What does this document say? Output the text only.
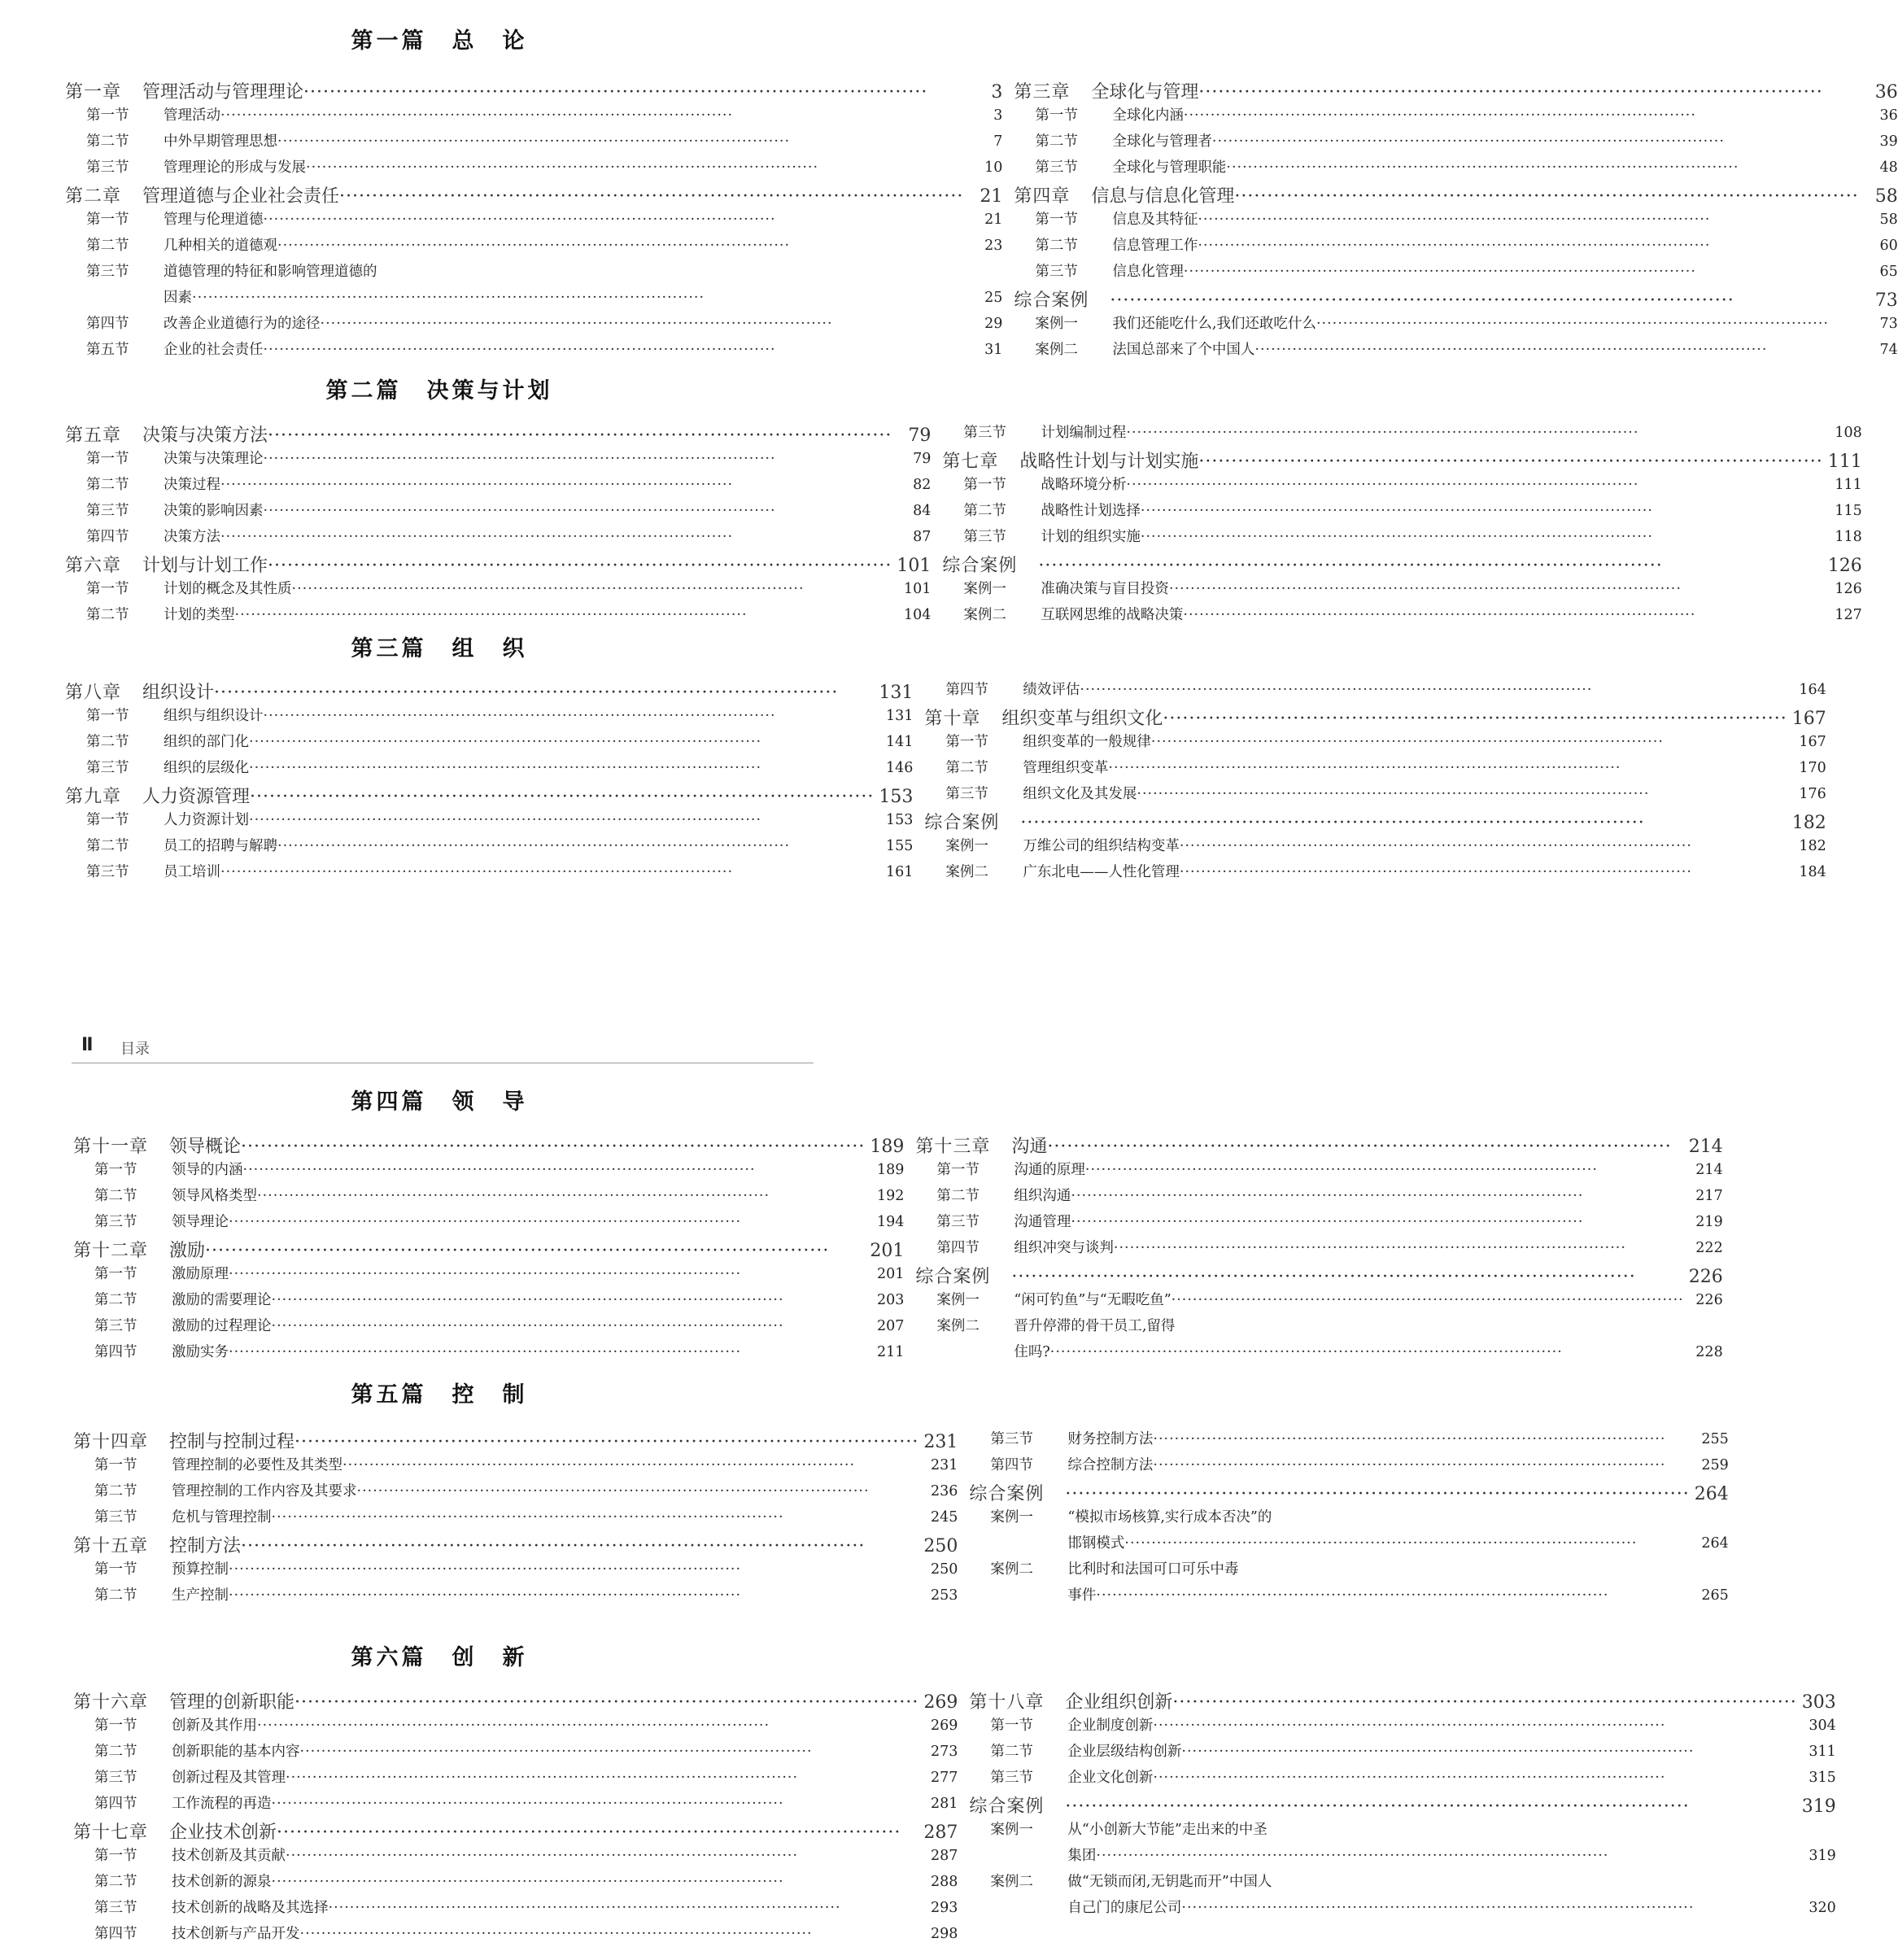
第一篇　总　论
第一章	管理活动与管理理论 ·····	3
第一节	管理活动 ·····	3
第二节	中外早期管理思想 ·····	7
第三节	管理理论的形成与发展 ·····	10
第二章	管理道德与企业社会责任 ·····	21
第一节	管理与伦理道德 ·····	21
第二节	几种相关的道德观 ·····	23
第三节	道德管理的特征和影响管理道德的
因素 ·····	25
第四节	改善企业道德行为的途径 ·····	29
第五节	企业的社会责任 ·····	31
第三章	全球化与管理 ·····	36
第一节	全球化内涵 ·····	36
第二节	全球化与管理者 ·····	39
第三节	全球化与管理职能 ·····	48
第四章	信息与信息化管理 ·····	58
第一节	信息及其特征 ·····	58
第二节	信息管理工作 ·····	60
第三节	信息化管理 ·····	65
综合案例 ·····	73
案例一	我们还能吃什么,我们还敢吃什么 ·····	73
案例二	法国总部来了个中国人 ·····	74
第二篇　决策与计划
第五章	决策与决策方法 ·····	79
第一节	决策与决策理论 ·····	79
第二节	决策过程 ·····	82
第三节	决策的影响因素 ·····	84
第四节	决策方法 ·····	87
第六章	计划与计划工作 ·····	101
第一节	计划的概念及其性质 ·····	101
第二节	计划的类型 ·····	104
第三节	计划编制过程 ·····	108
第七章	战略性计划与计划实施 ·····	111
第一节	战略环境分析 ·····	111
第二节	战略性计划选择 ·····	115
第三节	计划的组织实施 ·····	118
综合案例 ·····	126
案例一	准确决策与盲目投资 ·····	126
案例二	互联网思维的战略决策 ·····	127
第三篇　组　织
第八章	组织设计 ·····	131
第一节	组织与组织设计 ·····	131
第二节	组织的部门化 ·····	141
第三节	组织的层级化 ·····	146
第九章	人力资源管理 ·····	153
第一节	人力资源计划 ·····	153
第二节	员工的招聘与解聘 ·····	155
第三节	员工培训 ·····	161
第四节	绩效评估 ·····	164
第十章	组织变革与组织文化 ·····	167
第一节	组织变革的一般规律 ·····	167
第二节	管理组织变革 ·····	170
第三节	组织文化及其发展 ·····	176
综合案例 ·····	182
案例一	万维公司的组织结构变革 ·····	182
案例二	广东北电——人性化管理 ·····	184
Ⅱ 目录
第四篇　领　导
第十一章	领导概论 ·····	189
第一节	领导的内涵 ·····	189
第二节	领导风格类型 ·····	192
第三节	领导理论 ·····	194
第十二章	激励 ·····	201
第一节	激励原理 ·····	201
第二节	激励的需要理论 ·····	203
第三节	激励的过程理论 ·····	207
第四节	激励实务 ·····	211
第十三章	沟通 ·····	214
第一节	沟通的原理 ·····	214
第二节	组织沟通 ·····	217
第三节	沟通管理 ·····	219
第四节	组织冲突与谈判 ·····	222
综合案例 ·····	226
案例一	“闲可钓鱼”与“无暇吃鱼” ·····	226
案例二	晋升停滞的骨干员工,留得
住吗? ·····	228
第五篇　控　制
第十四章	控制与控制过程 ·····	231
第一节	管理控制的必要性及其类型 ·····	231
第二节	管理控制的工作内容及其要求 ·····	236
第三节	危机与管理控制 ·····	245
第十五章	控制方法 ·····	250
第一节	预算控制 ·····	250
第二节	生产控制 ·····	253
第三节	财务控制方法 ·····	255
第四节	综合控制方法 ·····	259
综合案例 ·····	264
案例一	“模拟市场核算,实行成本否决”的
邯钢模式 ·····	264
案例二	比利时和法国可口可乐中毒
事件 ·····	265
第六篇　创　新
第十六章	管理的创新职能 ·····	269
第一节	创新及其作用 ·····	269
第二节	创新职能的基本内容 ·····	273
第三节	创新过程及其管理 ·····	277
第四节	工作流程的再造 ·····	281
第十七章	企业技术创新 ·····	287
第一节	技术创新及其贡献 ·····	287
第二节	技术创新的源泉 ·····	288
第三节	技术创新的战略及其选择 ·····	293
第四节	技术创新与产品开发 ·····	298
第十八章	企业组织创新 ·····	303
第一节	企业制度创新 ·····	304
第二节	企业层级结构创新 ·····	311
第三节	企业文化创新 ·····	315
综合案例 ·····	319
案例一	从“小创新大节能”走出来的中圣
集团 ·····	319
案例二	做“无锁而闭,无钥匙而开”中国人
自己门的康尼公司 ·····	320
